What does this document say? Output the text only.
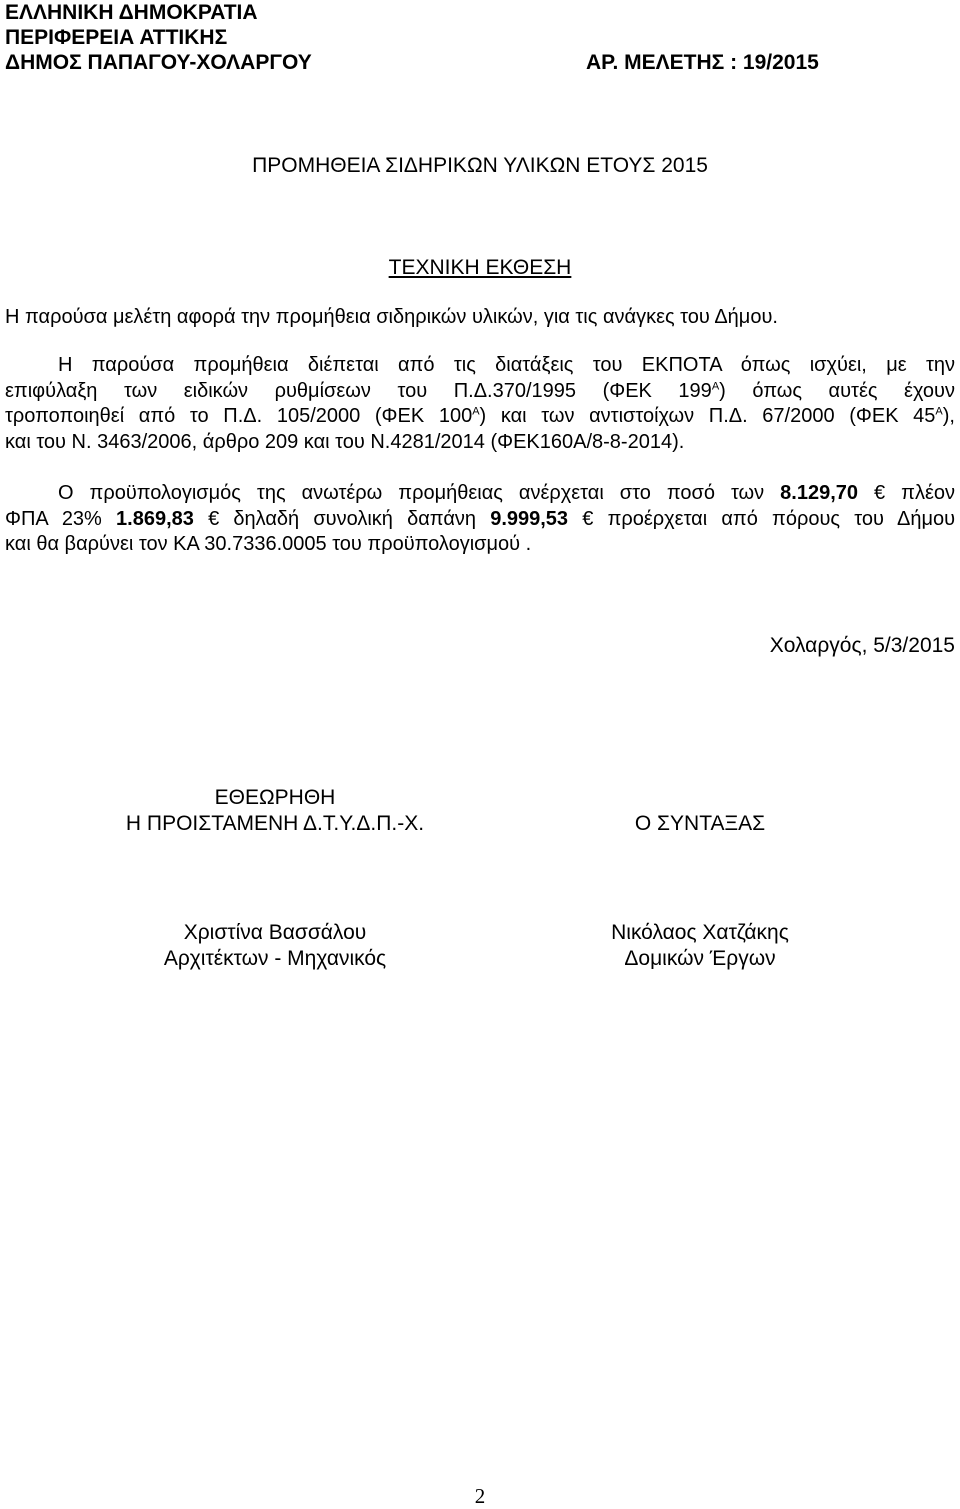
ΕΛΛΗΝΙΚΗ ΔΗΜΟΚΡΑΤΙΑ
ΠΕΡΙΦΕΡΕΙΑ ΑΤΤΙΚΗΣ
ΔΗΜΟΣ ΠΑΠΑΓΟΥ-ΧΟΛΑΡΓΟΥ	ΑΡ. ΜΕΛΕΤΗΣ : 19/2015
ΠΡΟΜΗΘΕΙΑ ΣΙΔΗΡΙΚΩΝ ΥΛΙΚΩΝ ΕΤΟΥΣ 2015
ΤΕΧΝΙΚΗ ΕΚΘΕΣΗ
Η παρούσα μελέτη αφορά την προμήθεια σιδηρικών υλικών, για τις ανάγκες του Δήμου.
Η παρούσα προμήθεια διέπεται από τις διατάξεις του ΕΚΠΟΤΑ όπως ισχύει, με την
επιφύλαξη των ειδικών ρυθμίσεων του Π.Δ.370/1995 (ΦΕΚ $199^A$) όπως αυτές έχουν
τροποποιηθεί από το Π.Δ. 105/2000 (ΦΕΚ $100^A$) και των αντιστοίχων Π.Δ. 67/2000 (ΦΕΚ $45^A$),
και του Ν. 3463/2006, άρθρο 209 και του Ν.4281/2014 (ΦΕΚ160Α/8-8-2014).
Ο προϋπολογισμός της ανωτέρω προμήθειας ανέρχεται στο ποσό των 8.129,70 € πλέον
ΦΠΑ 23% 1.869,83 € δηλαδή συνολική δαπάνη 9.999,53 € προέρχεται από πόρους του Δήμου
και θα βαρύνει τον ΚΑ 30.7336.0005 του προϋπολογισμού .
Χολαργός, 5/3/2015
ΕΘΕΩΡΗΘΗ
Η ΠΡΟΙΣΤΑΜΕΝΗ Δ.Τ.Υ.Δ.Π.-Χ.
Χριστίνα Βασσάλου
Αρχιτέκτων - Μηχανικός
Ο ΣΥΝΤΑΞΑΣ
Νικόλαος Χατζάκης
Δομικών Έργων
2
